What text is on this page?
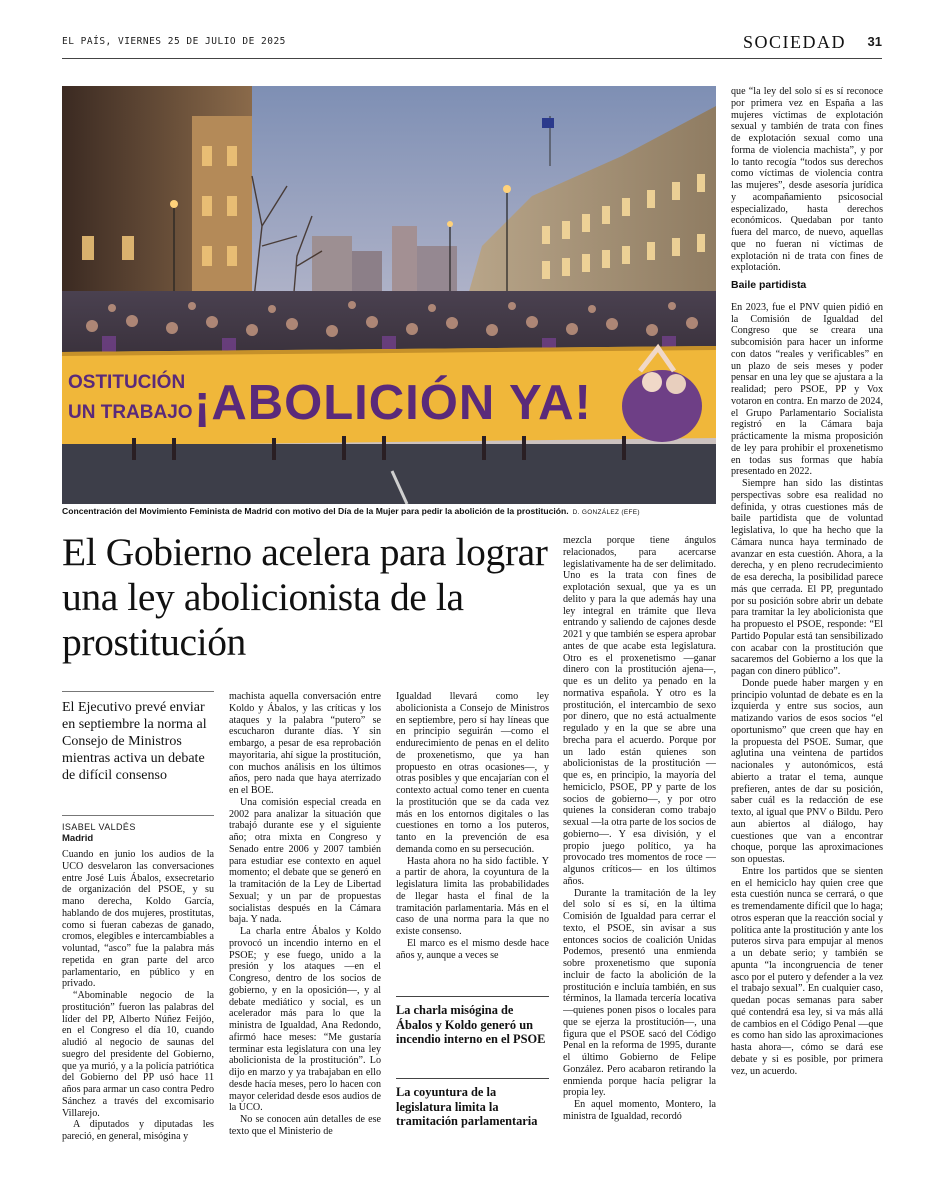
EL PAÍS, VIERNES 25 DE JULIO DE 2025	SOCIEDAD 31
OSTITUCIÓN
UN TRABAJO ¡ABOLICIÓN YA!
Concentración del Movimiento Feminista de Madrid con motivo del Día de la Mujer para pedir la abolición de la prostitución. D. GONZÁLEZ (EFE)
El Gobierno acelera para lograr una ley abolicionista de la prostitución
El Ejecutivo prevé enviar en septiembre la norma al Consejo de Ministros mientras activa un debate de difícil consenso
ISABEL VALDÉS
Madrid

Cuando en junio los audios de la UCO desvelaron las conversaciones entre José Luis Ábalos, exsecretario de organización del PSOE, y su mano derecha, Koldo García, hablando de dos mujeres, prostitutas, como si fueran cabezas de ganado, cromos, elegibles e intercambiables a voluntad, “asco” fue la palabra más repetida en gran parte del arco parlamentario, en público y en privado.

“Abominable negocio de la prostitución” fueron las palabras del líder del PP, Alberto Núñez Feijóo, en el Congreso el día 10, cuando aludió al negocio de saunas del suegro del presidente del Gobierno, que ya murió, y a la policía patriótica del Gobierno del PP usó hace 11 años para armar un caso contra Pedro Sánchez a través del excomisario Villarejo.

A diputados y diputadas les pareció, en general, misógina y

machista aquella conversación entre Koldo y Ábalos, y las críticas y los ataques y la palabra “putero” se escucharon durante días. Y sin embargo, a pesar de esa reprobación mayoritaria, ahí sigue la prostitución, con muchos análisis en los últimos años, pero nada que haya aterrizado en el BOE.

Una comisión especial creada en 2002 para analizar la situación que trabajó durante ese y el siguiente año; otra mixta en Congreso y Senado entre 2006 y 2007 también para estudiar ese contexto en aquel momento; el debate que se generó en la tramitación de la Ley de Libertad Sexual; y un par de propuestas socialistas después en la Cámara baja. Y nada.

La charla entre Ábalos y Koldo provocó un incendio interno en el PSOE; y ese fuego, unido a la presión y los ataques —en el Congreso, dentro de los socios de gobierno, y en la oposición—, y al debate mediático y social, es un acelerador más para lo que la ministra de Igualdad, Ana Redondo, afirmó hace meses: “Me gustaría terminar esta legislatura con una ley abolicionista de la prostitución”. Lo dijo en marzo y ya trabajaban en ello desde hacía meses, pero lo hacen con mayor celeridad desde esos audios de la UCO.

No se conocen aún detalles de ese texto que el Ministerio de

Igualdad llevará como ley abolicionista a Consejo de Ministros en septiembre, pero sí hay líneas que en principio seguirán —como el endurecimiento de penas en el delito de proxenetismo, que ya han propuesto en otras ocasiones—, y otras posibles y que encajarían con el contexto actual como tener en cuenta la prostitución que se da cada vez más en los entornos digitales o las cuestiones en torno a los puteros, tanto en la prevención de esa demanda como en su persecución.

Hasta ahora no ha sido factible. Y a partir de ahora, la coyuntura de la legislatura limita las probabilidades de llegar hasta el final de la tramitación parlamentaria. Más en el caso de una norma para la que no existe consenso.

El marco es el mismo desde hace años y, aunque a veces se

La charla misógina de Ábalos y Koldo generó un incendio interno en el PSOE
La coyuntura de la legislatura limita la tramitación parlamentaria

mezcla porque tiene ángulos relacionados, para acercarse legislativamente ha de ser delimitado. Uno es la trata con fines de explotación sexual, que ya es un delito y para la que además hay una ley integral en trámite que lleva entrando y saliendo de cajones desde 2021 y que también se espera aprobar antes de que acabe esta legislatura. Otro es el proxenetismo —ganar dinero con la prostitución ajena—, que es un delito ya penado en la normativa española. Y otro es la prostitución, el intercambio de sexo por dinero, que no está actualmente regulado y en la que se abre una brecha para el acuerdo. Porque por un lado están quienes son abolicionistas de la prostitución —que es, en principio, la mayoría del hemiciclo, PSOE, PP y parte de los socios de gobierno—, y por otro quienes la consideran como trabajo sexual —la otra parte de los socios de gobierno—. Y esa división, y el propio juego político, ya ha provocado tres momentos de roce —algunos críticos— en los últimos años.

Durante la tramitación de la ley del solo sí es sí, en la última Comisión de Igualdad para cerrar el texto, el PSOE, sin avisar a sus entonces socios de coalición Unidas Podemos, presentó una enmienda sobre proxenetismo que suponía incluir de facto la abolición de la prostitución e incluía también, en sus términos, la llamada tercería locativa —quienes ponen pisos o locales para que se ejerza la prostitución—, una figura que el PSOE sacó del Código Penal en la reforma de 1995, durante el último Gobierno de Felipe González. Pero acabaron retirando la enmienda porque hacía peligrar la propia ley.

En aquel momento, Montero, la ministra de Igualdad, recordó

que “la ley del solo sí es sí reconoce por primera vez en España a las mujeres víctimas de explotación sexual y también de trata con fines de explotación sexual como una forma de violencia machista”, y por lo tanto recogía “todos sus derechos como víctimas de violencia contra las mujeres”, desde asesoría jurídica y acompañamiento psicosocial especializado, hasta derechos económicos. Quedaban por tanto fuera del marco, de nuevo, aquellas que no fueran ni víctimas de explotación ni de trata con fines de explotación.

Baile partidista

En 2023, fue el PNV quien pidió en la Comisión de Igualdad del Congreso que se creara una subcomisión para hacer un informe con datos “reales y verificables” en un plazo de seis meses y poder pensar en una ley que se ajustara a la realidad; pero PSOE, PP y Vox votaron en contra. En marzo de 2024, el Grupo Parlamentario Socialista registró en la Cámara baja prácticamente la misma proposición de ley para prohibir el proxenetismo en todas sus formas que había presentado en 2022.

Siempre han sido las distintas perspectivas sobre esa realidad no definida, y otras cuestiones más de baile partidista que de voluntad legislativa, lo que ha hecho que la Cámara nunca haya terminado de avanzar en esta cuestión. Ahora, a la derecha, y en pleno recrudecimiento de esa derecha, la posibilidad parece más que cerrada. El PP, preguntado por su posición sobre abrir un debate para tramitar la ley abolicionista que ha propuesto el PSOE, responde: “El Partido Popular está tan sensibilizado con acabar con la prostitución que sacaremos del Gobierno a los que la pagan con dinero público”.

Donde puede haber margen y en principio voluntad de debate es en la izquierda y entre sus socios, aun matizando varios de esos socios “el oportunismo” que creen que hay en la propuesta del PSOE. Sumar, que aglutina una veintena de partidos nacionales y autonómicos, está abierto a tratar el tema, aunque prefieren, antes de dar su posición, saber cuál es la redacción de ese texto, al igual que PNV o Bildu. Pero aun abiertos al diálogo, hay cuestiones que van a encontrar choque, porque las aproximaciones son opuestas.

Entre los partidos que se sienten en el hemiciclo hay quien cree que esta cuestión nunca se cerrará, o que es tremendamente difícil que lo haga; otros esperan que la reacción social y política ante la prostitución y ante los puteros sirva para empujar al menos a un debate serio; y también se apunta “la incongruencia de tener asco por el putero y defender a la vez el trabajo sexual”. En cualquier caso, quedan pocas semanas para saber qué contendrá esa ley, si va más allá de cambios en el Código Penal —que es como han sido las aproximaciones hasta ahora—, cómo se dará ese debate y si es posible, por primera vez, un acuerdo.
